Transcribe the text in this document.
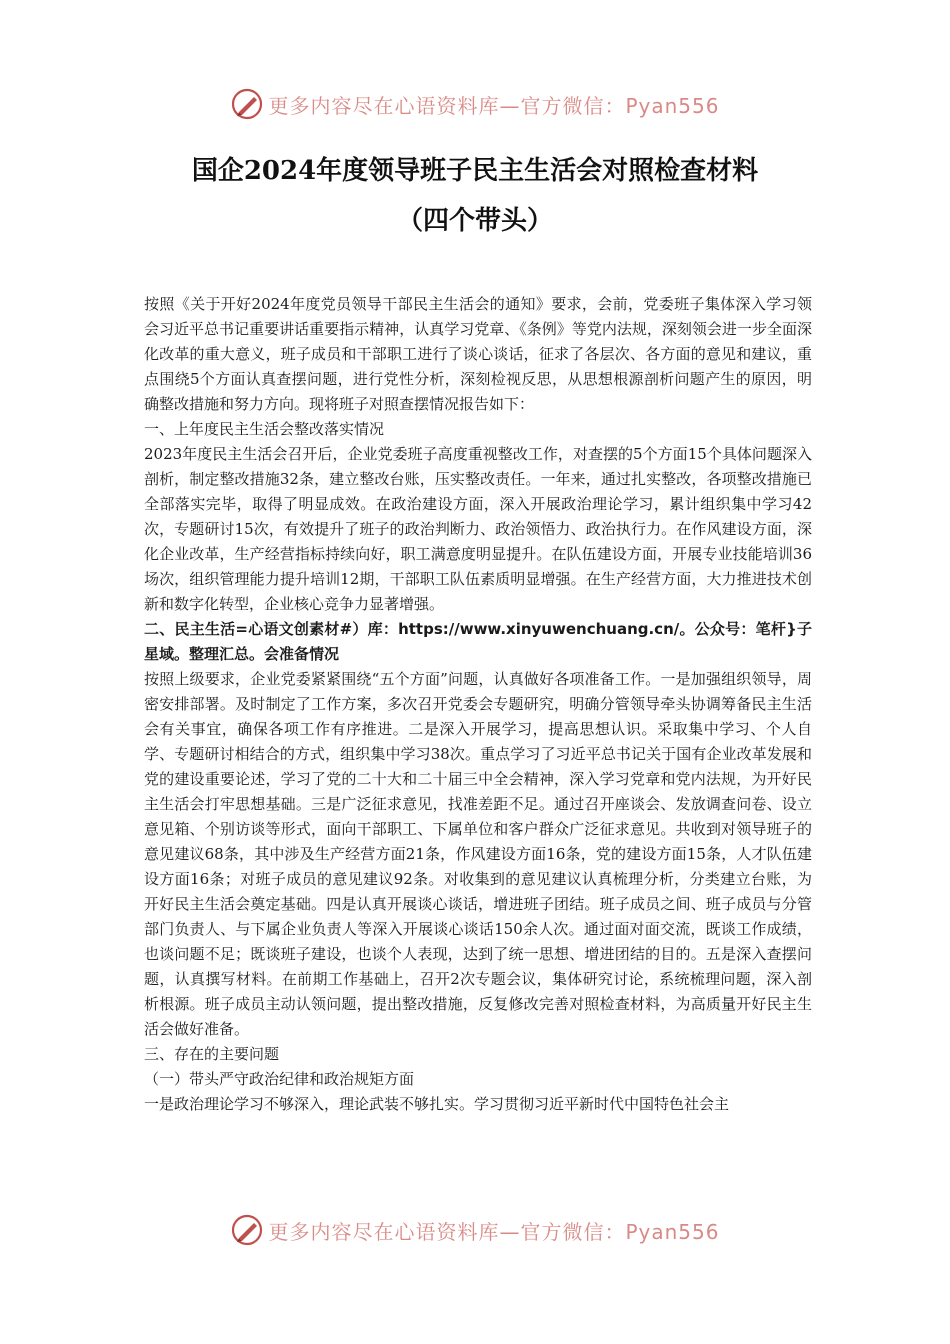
更多内容尽在心语资料库—官方微信：Pyan556
国企2024年度领导班子民主生活会对照检查材料
（四个带头）

按照《关于开好2024年度党员领导干部民主生活会的通知》要求，会前，党委班子集体深入学习领会习近平总书记重要讲话重要指示精神，认真学习党章、《条例》等党内法规，深刻领会进一步全面深化改革的重大意义，班子成员和干部职工进行了谈心谈话，征求了各层次、各方面的意见和建议，重点围绕5个方面认真查摆问题，进行党性分析，深刻检视反思，从思想根源剖析问题产生的原因，明确整改措施和努力方向。现将班子对照查摆情况报告如下：

一、上年度民主生活会整改落实情况

2023年度民主生活会召开后，企业党委班子高度重视整改工作，对查摆的5个方面15个具体问题深入剖析，制定整改措施32条，建立整改台账，压实整改责任。一年来，通过扎实整改，各项整改措施已全部落实完毕，取得了明显成效。在政治建设方面，深入开展政治理论学习，累计组织集中学习42次，专题研讨15次，有效提升了班子的政治判断力、政治领悟力、政治执行力。在作风建设方面，深化企业改革，生产经营指标持续向好，职工满意度明显提升。在队伍建设方面，开展专业技能培训36场次，组织管理能力提升培训12期，干部职工队伍素质明显增强。在生产经营方面，大力推进技术创新和数字化转型，企业核心竞争力显著增强。

二、民主生活=心语文创素材#）库：https://www.xinyuwenchuang.cn/。公众号：笔杆}子星域。整理汇总。会准备情况

按照上级要求，企业党委紧紧围绕“五个方面”问题，认真做好各项准备工作。一是加强组织领导，周密安排部署。及时制定了工作方案，多次召开党委会专题研究，明确分管领导牵头协调筹备民主生活会有关事宜，确保各项工作有序推进。二是深入开展学习，提高思想认识。采取集中学习、个人自学、专题研讨相结合的方式，组织集中学习38次。重点学习了习近平总书记关于国有企业改革发展和党的建设重要论述，学习了党的二十大和二十届三中全会精神，深入学习党章和党内法规，为开好民主生活会打牢思想基础。三是广泛征求意见，找准差距不足。通过召开座谈会、发放调查问卷、设立意见箱、个别访谈等形式，面向干部职工、下属单位和客户群众广泛征求意见。共收到对领导班子的意见建议68条，其中涉及生产经营方面21条，作风建设方面16条，党的建设方面15条，人才队伍建设方面16条；对班子成员的意见建议92条。对收集到的意见建议认真梳理分析，分类建立台账，为开好民主生活会奠定基础。四是认真开展谈心谈话，增进班子团结。班子成员之间、班子成员与分管部门负责人、与下属企业负责人等深入开展谈心谈话150余人次。通过面对面交流，既谈工作成绩，也谈问题不足；既谈班子建设，也谈个人表现，达到了统一思想、增进团结的目的。五是深入查摆问题，认真撰写材料。在前期工作基础上，召开2次专题会议，集体研究讨论，系统梳理问题，深入剖析根源。班子成员主动认领问题，提出整改措施，反复修改完善对照检查材料，为高质量开好民主生活会做好准备。

三、存在的主要问题

（一）带头严守政治纪律和政治规矩方面

一是政治理论学习不够深入，理论武装不够扎实。学习贯彻习近平新时代中国特色社会主

更多内容尽在心语资料库—官方微信：Pyan556
